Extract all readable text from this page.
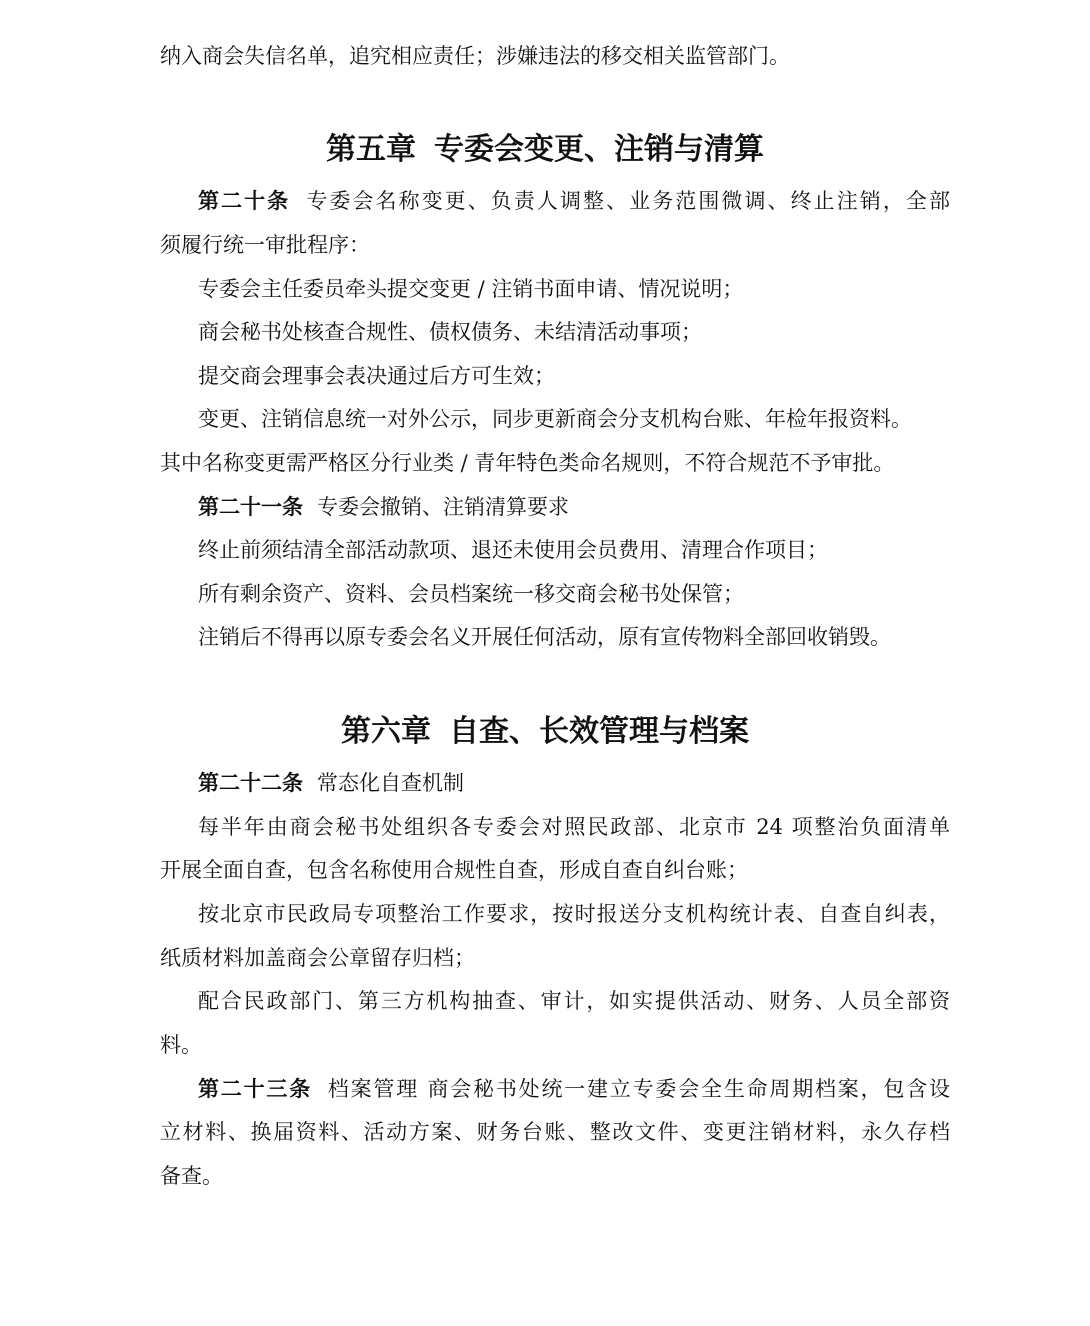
纳入商会失信名单，追究相应责任；涉嫌违法的移交相关监管部门。
第五章 专委会变更、注销与清算
第二十条 专委会名称变更、负责人调整、业务范围微调、终止注销，全部
须履行统一审批程序：
专委会主任委员牵头提交变更 / 注销书面申请、情况说明；
商会秘书处核查合规性、债权债务、未结清活动事项；
提交商会理事会表决通过后方可生效；
变更、注销信息统一对外公示，同步更新商会分支机构台账、年检年报资料。
其中名称变更需严格区分行业类 / 青年特色类命名规则，不符合规范不予审批。
第二十一条 专委会撤销、注销清算要求
终止前须结清全部活动款项、退还未使用会员费用、清理合作项目；
所有剩余资产、资料、会员档案统一移交商会秘书处保管；
注销后不得再以原专委会名义开展任何活动，原有宣传物料全部回收销毁。
第六章 自查、长效管理与档案
第二十二条 常态化自查机制
每半年由商会秘书处组织各专委会对照民政部、北京市 24 项整治负面清单
开展全面自查，包含名称使用合规性自查，形成自查自纠台账；
按北京市民政局专项整治工作要求，按时报送分支机构统计表、自查自纠表，
纸质材料加盖商会公章留存归档；
配合民政部门、第三方机构抽查、审计，如实提供活动、财务、人员全部资
料。
第二十三条 档案管理 商会秘书处统一建立专委会全生命周期档案，包含设
立材料、换届资料、活动方案、财务台账、整改文件、变更注销材料，永久存档
备查。
